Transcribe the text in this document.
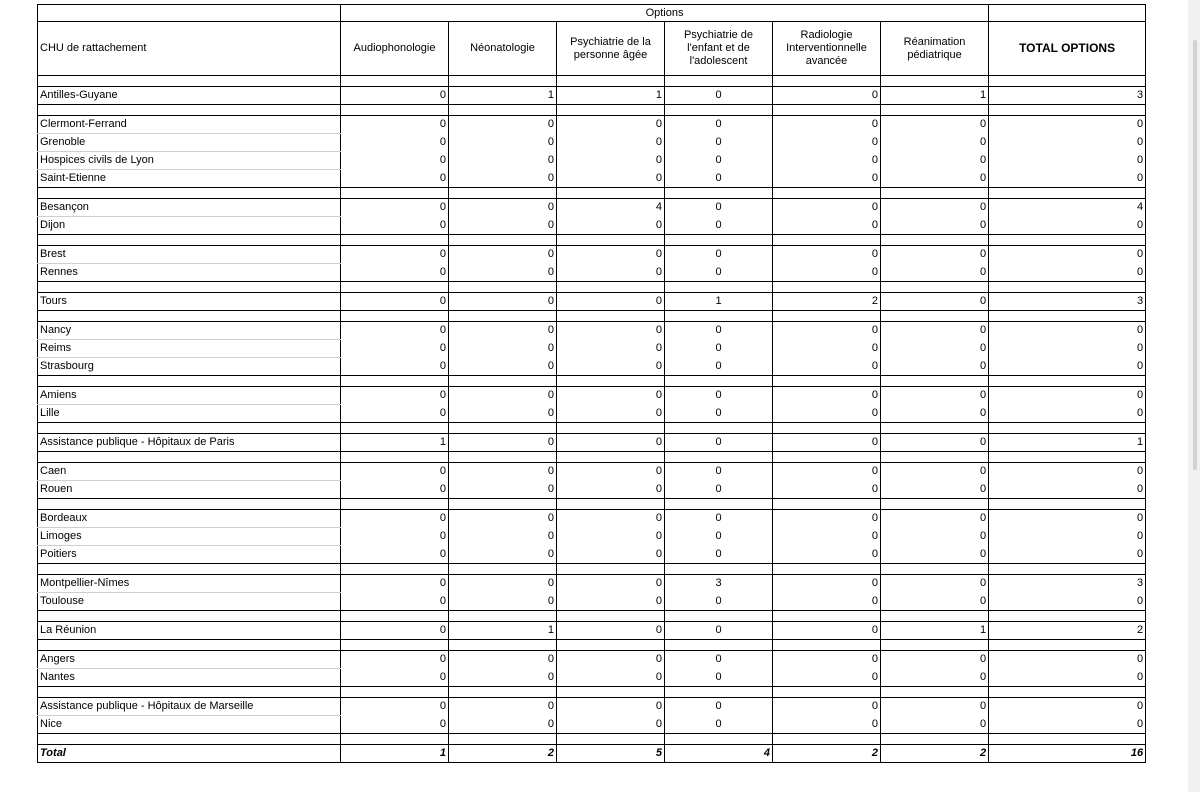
	Options						
CHU de rattachement	Audiophonologie	Néonatologie	Psychiatrie de la personne âgée	Psychiatrie de l'enfant et de l'adolescent	Radiologie Interventionnelle avancée	Réanimation pédiatrique	TOTAL OPTIONS

Antilles-Guyane	0	1	1	0	0	1	3

Clermont-Ferrand	0	0	0	0	0	0	0
Grenoble	0	0	0	0	0	0	0
Hospices civils de Lyon	0	0	0	0	0	0	0
Saint-Etienne	0	0	0	0	0	0	0

Besançon	0	0	4	0	0	0	4
Dijon	0	0	0	0	0	0	0

Brest	0	0	0	0	0	0	0
Rennes	0	0	0	0	0	0	0

Tours	0	0	0	1	2	0	3

Nancy	0	0	0	0	0	0	0
Reims	0	0	0	0	0	0	0
Strasbourg	0	0	0	0	0	0	0

Amiens	0	0	0	0	0	0	0
Lille	0	0	0	0	0	0	0

Assistance publique - Hôpitaux de Paris	1	0	0	0	0	0	1

Caen	0	0	0	0	0	0	0
Rouen	0	0	0	0	0	0	0

Bordeaux	0	0	0	0	0	0	0
Limoges	0	0	0	0	0	0	0
Poitiers	0	0	0	0	0	0	0

Montpellier-Nîmes	0	0	0	3	0	0	3
Toulouse	0	0	0	0	0	0	0

La Réunion	0	1	0	0	0	1	2

Angers	0	0	0	0	0	0	0
Nantes	0	0	0	0	0	0	0

Assistance publique - Hôpitaux de Marseille	0	0	0	0	0	0	0
Nice	0	0	0	0	0	0	0

Total	1	2	5	4	2	2	16
